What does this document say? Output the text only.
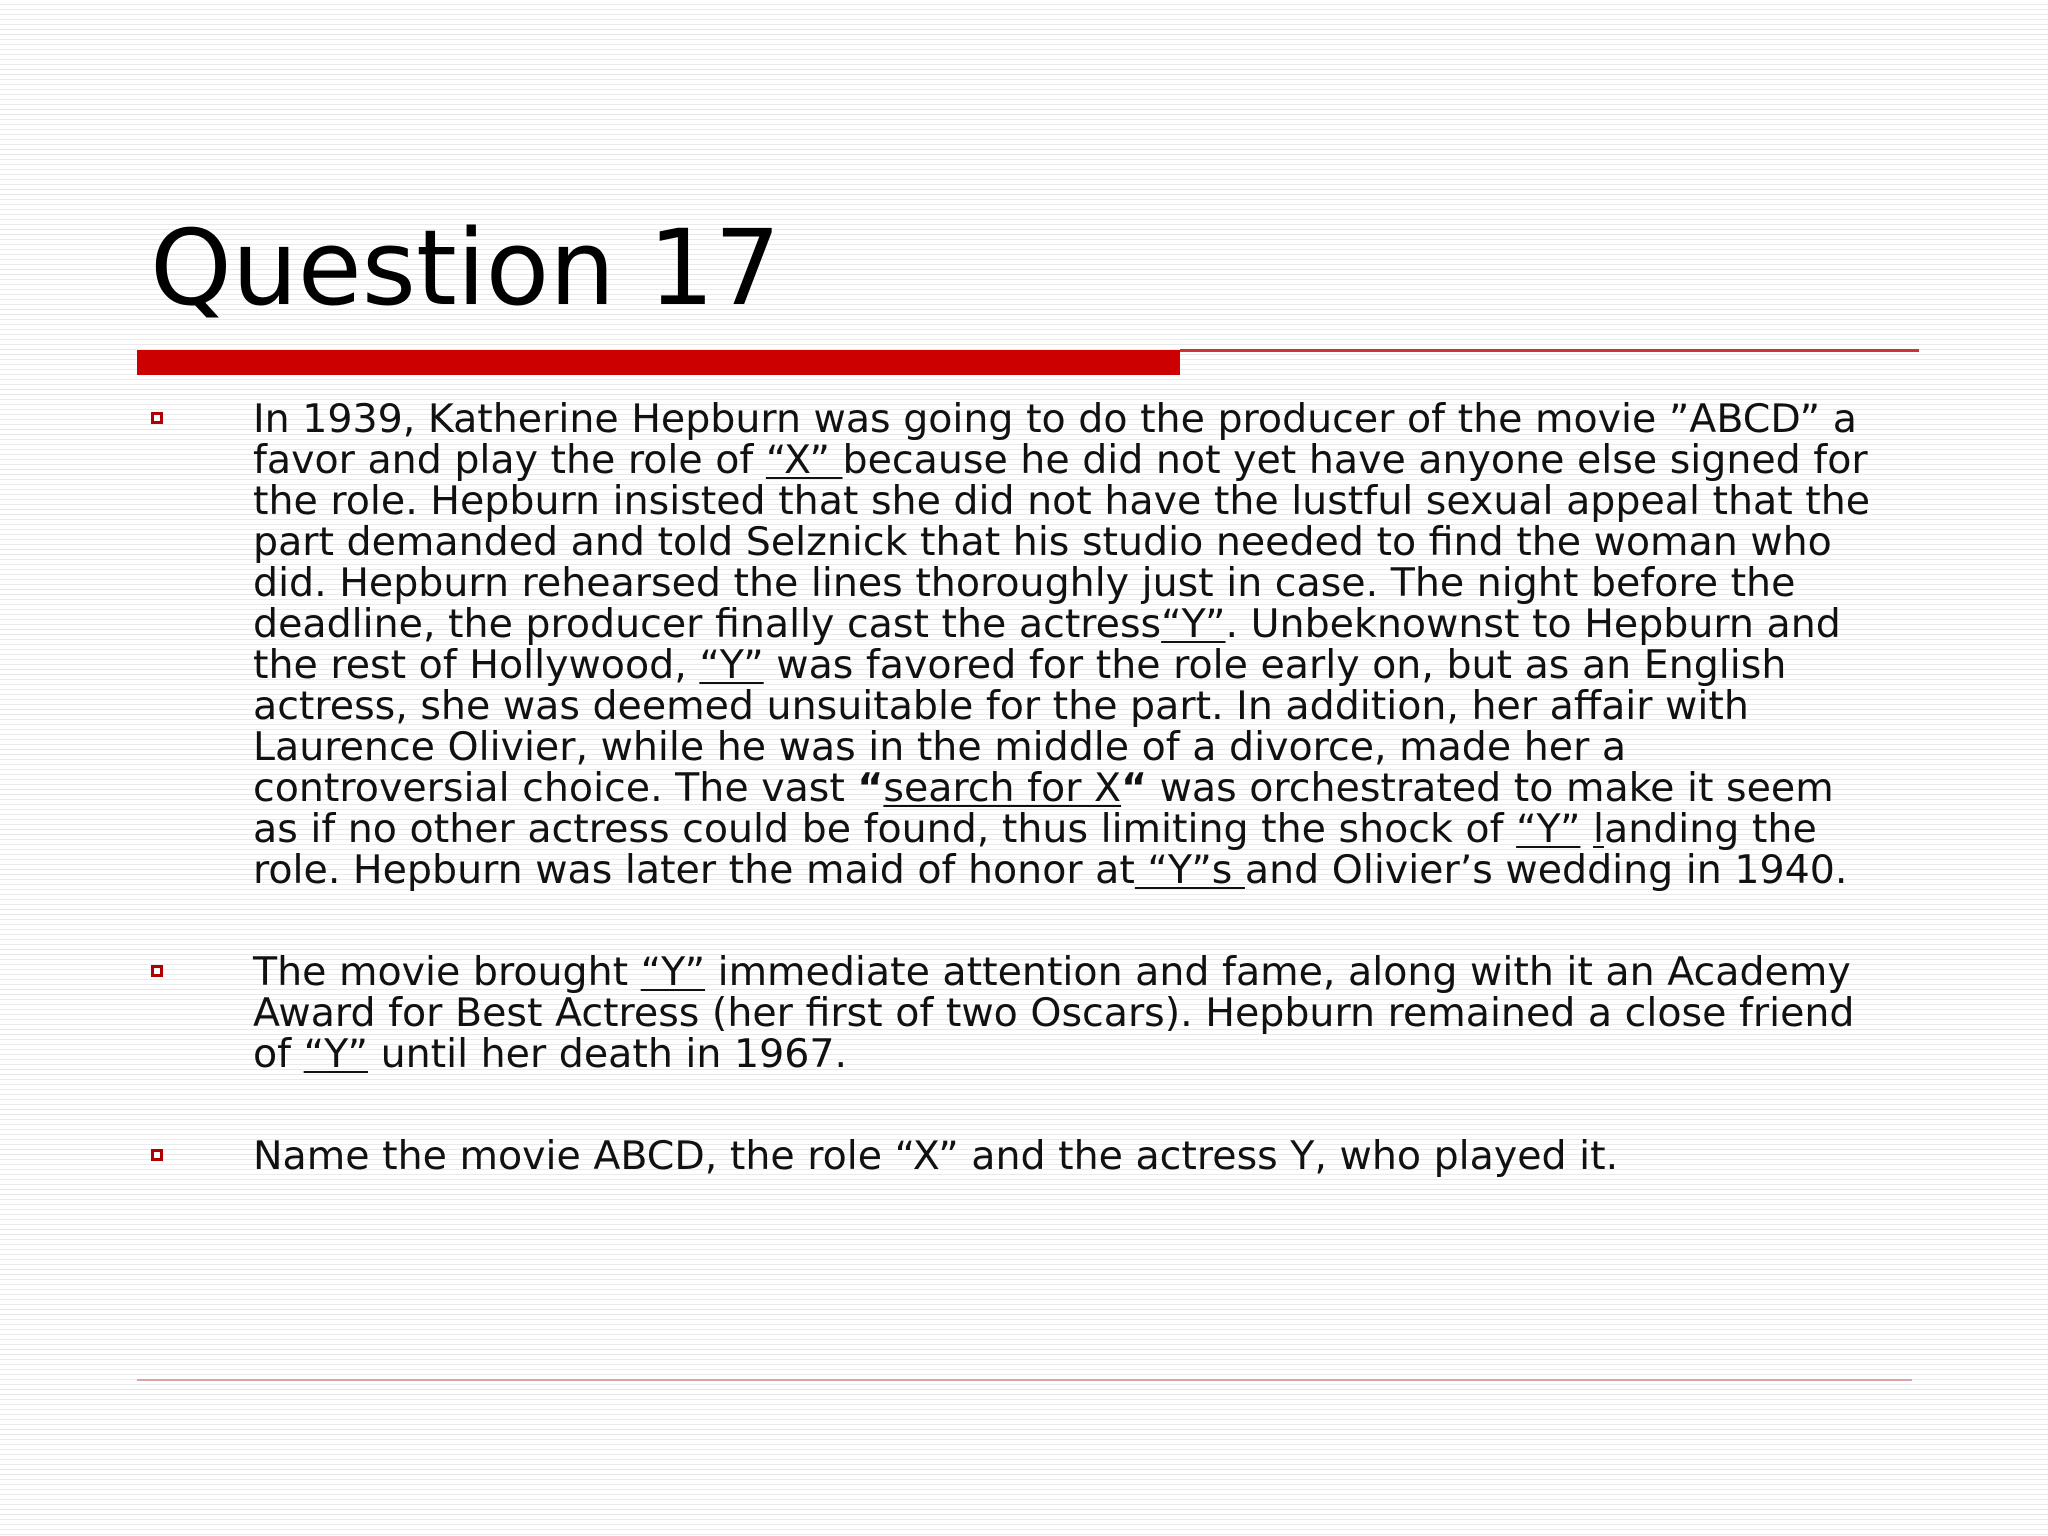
Question 17
In 1939, Katherine Hepburn was going to do the producer of the movie ”ABCD” a favor and play the role of “X” because he did not yet have anyone else signed for the role. Hepburn insisted that she did not have the lustful sexual appeal that the part demanded and told Selznick that his studio needed to find the woman who did. Hepburn rehearsed the lines thoroughly just in case. The night before the deadline, the producer finally cast the actress“Y”. Unbeknownst to Hepburn and the rest of Hollywood, “Y” was favored for the role early on, but as an English actress, she was deemed unsuitable for the part. In addition, her affair with Laurence Olivier, while he was in the middle of a divorce, made her a controversial choice. The vast “search for X“ was orchestrated to make it seem as if no other actress could be found, thus limiting the shock of “Y” landing the role. Hepburn was later the maid of honor at “Y”s and Olivier’s wedding in 1940.
The movie brought “Y” immediate attention and fame, along with it an Academy Award for Best Actress (her first of two Oscars). Hepburn remained a close friend of “Y” until her death in 1967.
Name the movie ABCD, the role “X” and the actress Y, who played it.
